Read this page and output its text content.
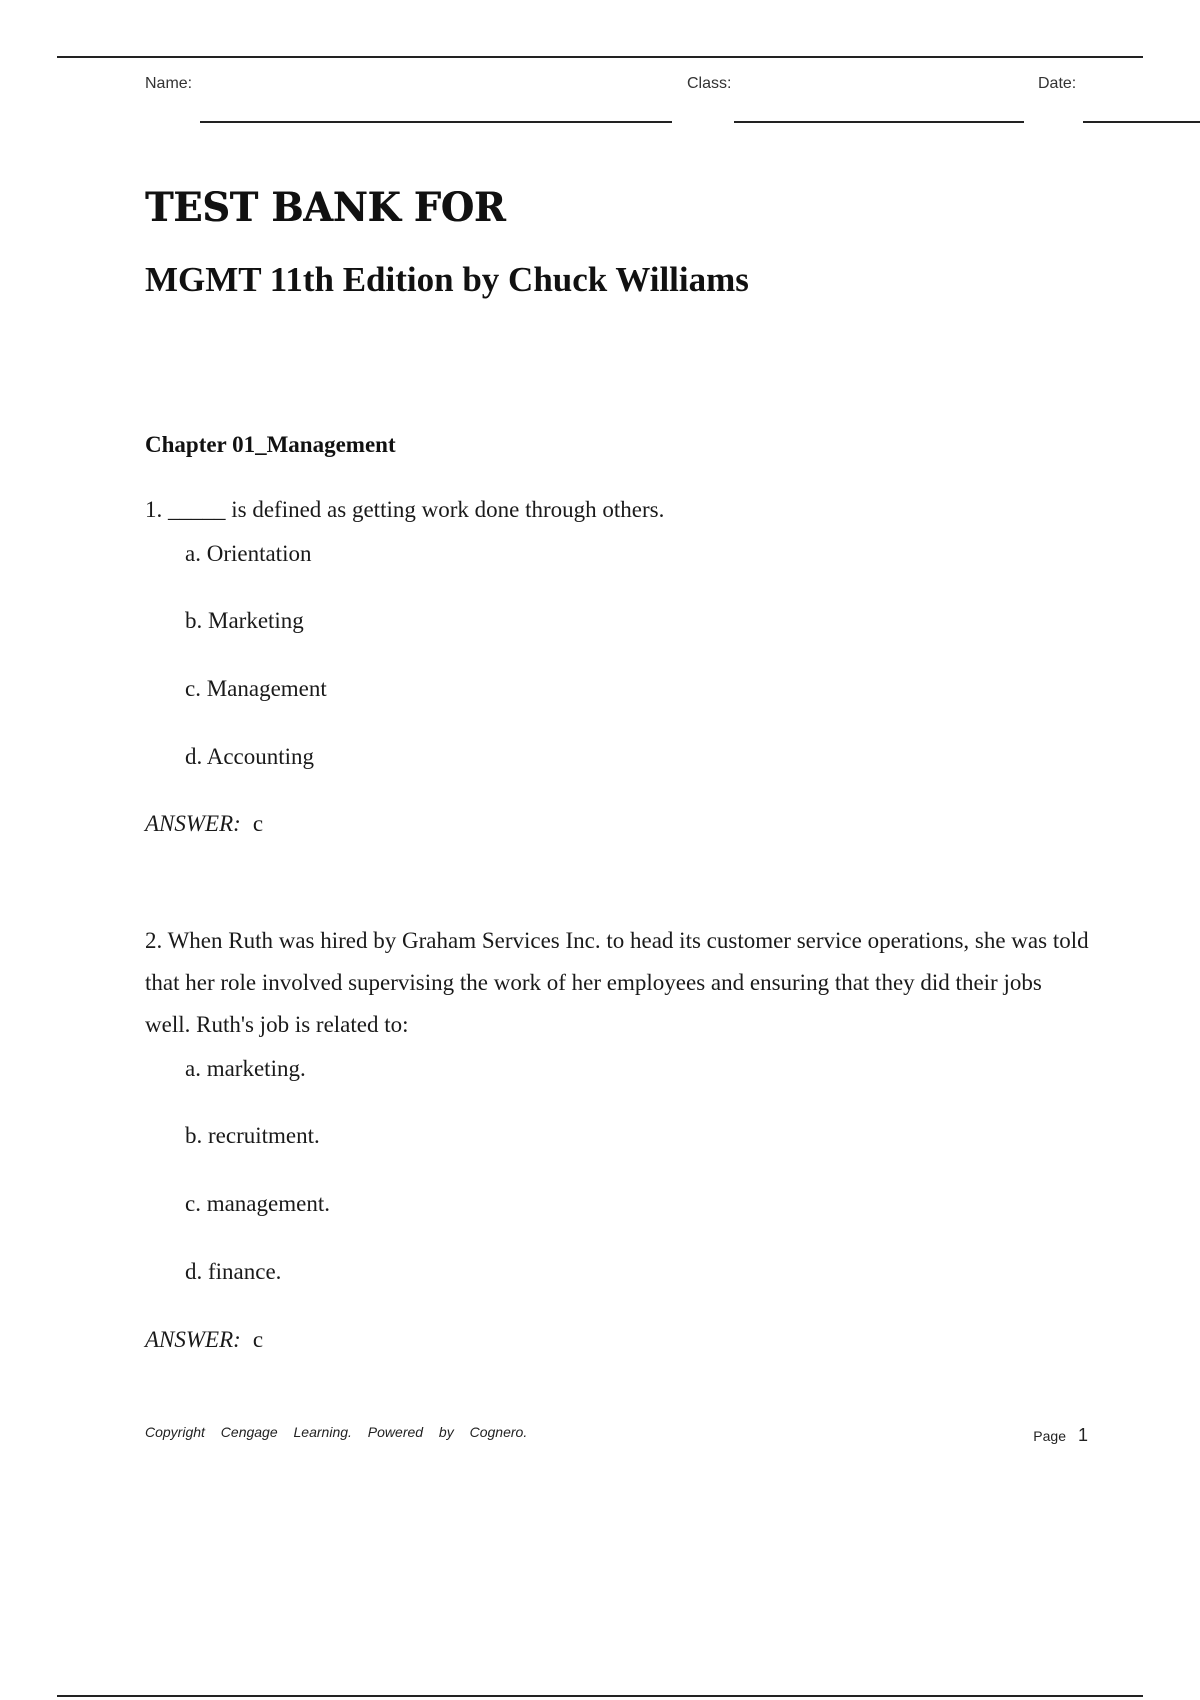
Name:	Class:	Date:
TEST BANK FOR
MGMT 11th Edition by Chuck Williams
Chapter 01_Management

1. _____ is defined as getting work done through others.

a. Orientation

b. Marketing

c. Management

d. Accounting

ANSWER: c

2. When Ruth was hired by Graham Services Inc. to head its customer service operations, she was told that her role involved supervising the work of her employees and ensuring that they did their jobs well. Ruth's job is related to:

a. marketing.

b. recruitment.

c. management.

d. finance.

ANSWER: c

Copyright Cengage Learning. Powered by Cognero.	Page 1
